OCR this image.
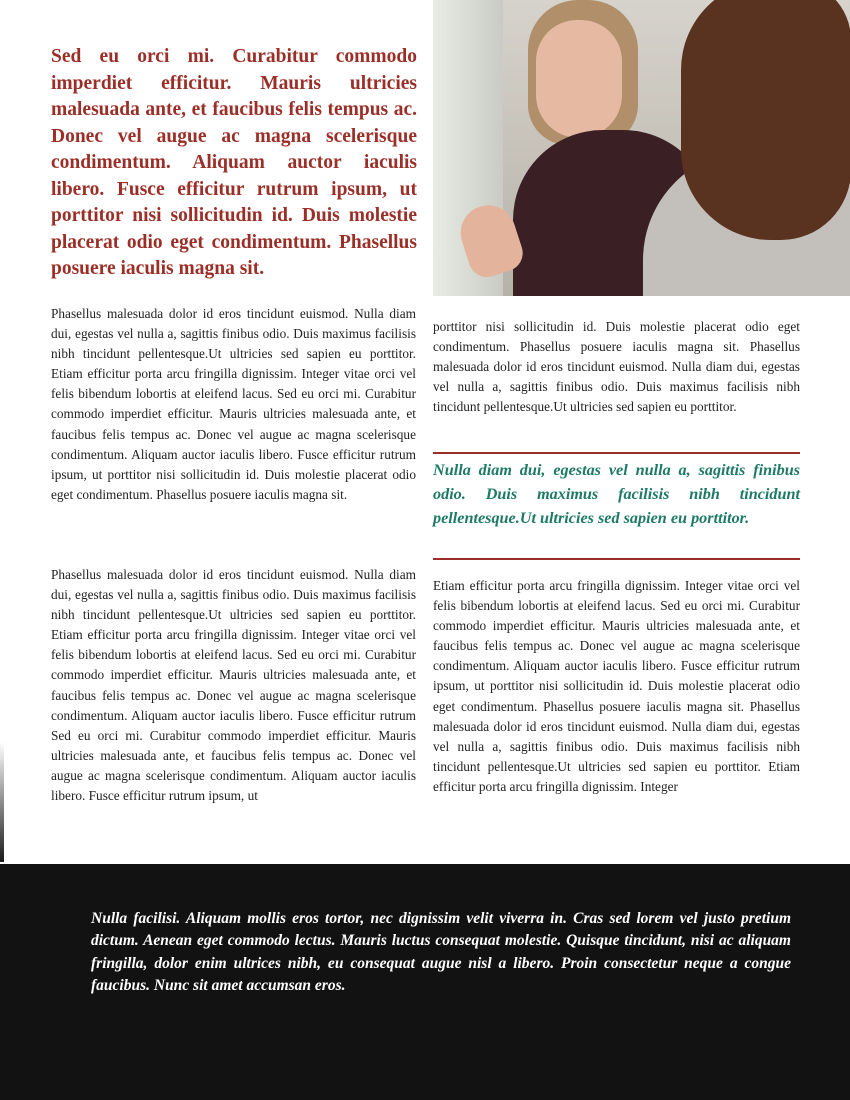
Sed eu orci mi. Curabitur commodo imperdiet efficitur. Mauris ultricies malesuada ante, et faucibus felis tempus ac. Donec vel augue ac magna scelerisque condimentum. Aliquam auctor iaculis libero. Fusce efficitur rutrum ipsum, ut porttitor nisi sollicitudin id. Duis molestie placerat odio eget condimentum. Phasellus posuere iaculis magna sit.

Phasellus malesuada dolor id eros tincidunt euismod. Nulla diam dui, egestas vel nulla a, sagittis finibus odio. Duis maximus facilisis nibh tincidunt pellentesque.Ut ultricies sed sapien eu porttitor. Etiam efficitur porta arcu fringilla dignissim. Integer vitae orci vel felis bibendum lobortis at eleifend lacus. Sed eu orci mi. Curabitur commodo imperdiet efficitur. Mauris ultricies malesuada ante, et faucibus felis tempus ac. Donec vel augue ac magna scelerisque condimentum. Aliquam auctor iaculis libero. Fusce efficitur rutrum ipsum, ut porttitor nisi sollicitudin id. Duis molestie placerat odio eget condimentum. Phasellus posuere iaculis magna sit.

Phasellus malesuada dolor id eros tincidunt euismod. Nulla diam dui, egestas vel nulla a, sagittis finibus odio. Duis maximus facilisis nibh tincidunt pellentesque.Ut ultricies sed sapien eu porttitor. Etiam efficitur porta arcu fringilla dignissim. Integer vitae orci vel felis bibendum lobortis at eleifend lacus. Sed eu orci mi. Curabitur commodo imperdiet efficitur. Mauris ultricies malesuada ante, et faucibus felis tempus ac. Donec vel augue ac magna scelerisque condimentum. Aliquam auctor iaculis libero. Fusce efficitur rutrum Sed eu orci mi. Curabitur commodo imperdiet efficitur. Mauris ultricies malesuada ante, et faucibus felis tempus ac. Donec vel augue ac magna scelerisque condimentum. Aliquam auctor iaculis libero. Fusce efficitur rutrum ipsum, ut

porttitor nisi sollicitudin id. Duis molestie placerat odio eget condimentum. Phasellus posuere iaculis magna sit. Phasellus malesuada dolor id eros tincidunt euismod. Nulla diam dui, egestas vel nulla a, sagittis finibus odio. Duis maximus facilisis nibh tincidunt pellentesque.Ut ultricies sed sapien eu porttitor.

Nulla diam dui, egestas vel nulla a, sagittis finibus odio. Duis maximus facilisis nibh tincidunt pellentesque.Ut ultricies sed sapien eu porttitor.

Etiam efficitur porta arcu fringilla dignissim. Integer vitae orci vel felis bibendum lobortis at eleifend lacus. Sed eu orci mi. Curabitur commodo imperdiet efficitur. Mauris ultricies malesuada ante, et faucibus felis tempus ac. Donec vel augue ac magna scelerisque condimentum. Aliquam auctor iaculis libero. Fusce efficitur rutrum ipsum, ut porttitor nisi sollicitudin id. Duis molestie placerat odio eget condimentum. Phasellus posuere iaculis magna sit. Phasellus malesuada dolor id eros tincidunt euismod. Nulla diam dui, egestas vel nulla a, sagittis finibus odio. Duis maximus facilisis nibh tincidunt pellentesque.Ut ultricies sed sapien eu porttitor. Etiam efficitur porta arcu fringilla dignissim. Integer

Nulla facilisi. Aliquam mollis eros tortor, nec dignissim velit viverra in. Cras sed lorem vel justo pretium dictum. Aenean eget commodo lectus. Mauris luctus consequat molestie. Quisque tincidunt, nisi ac aliquam fringilla, dolor enim ultrices nibh, eu consequat augue nisl a libero. Proin consectetur neque a congue faucibus. Nunc sit amet accumsan eros.
